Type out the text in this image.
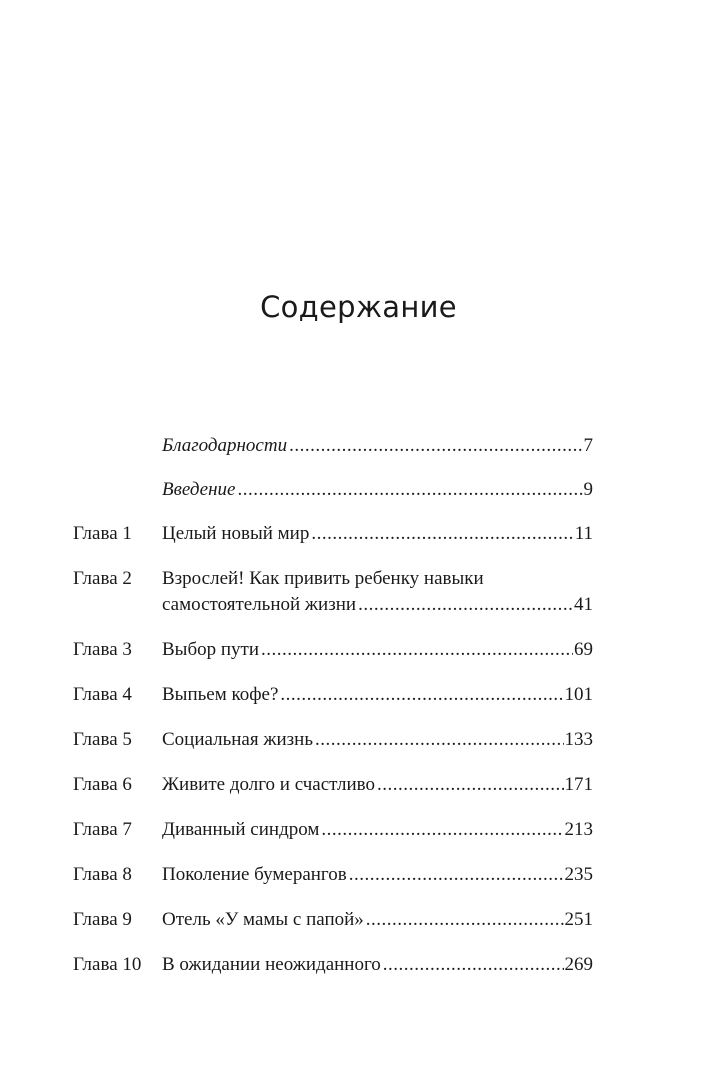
Содержание
Благодарности .....	7
Введение .....	9
Глава 1	Целый новый мир .....	11
Глава 2	Взрослей! Как привить ребенку навыки
самостоятельной жизни .....	41
Глава 3	Выбор пути .....	69
Глава 4	Выпьем кофе? .....	101
Глава 5	Социальная жизнь .....	133
Глава 6	Живите долго и счастливо .....	171
Глава 7	Диванный синдром .....	213
Глава 8	Поколение бумерангов .....	235
Глава 9	Отель «У мамы с папой» .....	251
Глава 10	В ожидании неожиданного .....	269
